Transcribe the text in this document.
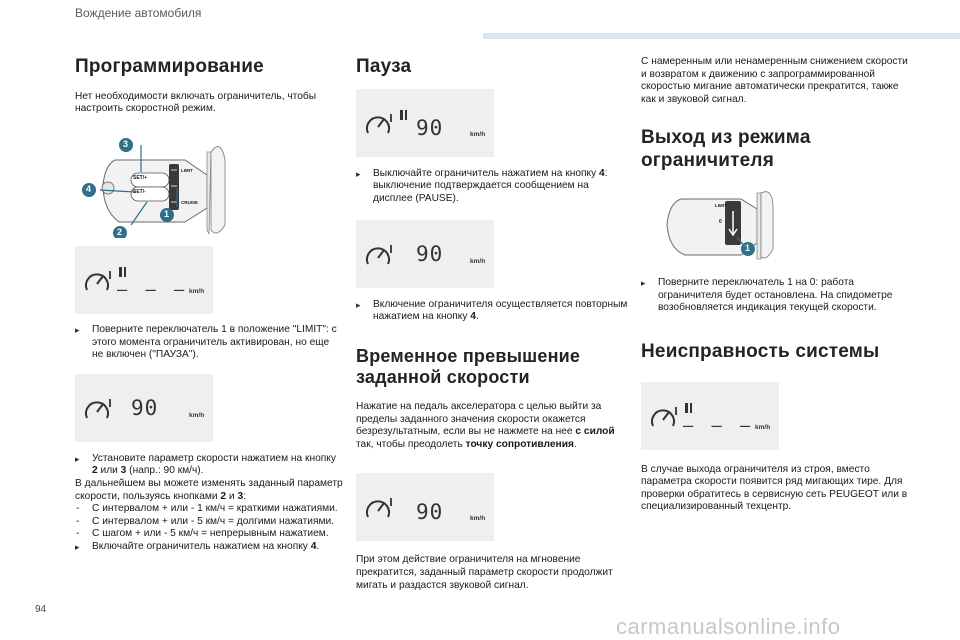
Вождение автомобиля
Программирование

Нет необходимости включать ограничитель, чтобы настроить скоростной режим.

SET/+
SET/-
LIMIT
CRUISE
3
4
1
2
– – – km/h
▸ Поверните переключатель 1 в положение "LIMIT": с этого момента ограничитель активирован, но еще не включен ("ПАУЗА").
90	km/h
▸ Установите параметр скорости нажатием на кнопку 2 или 3 (напр.: 90 км/ч).

В дальнейшем вы можете изменять заданный параметр скорости, пользуясь кнопками 2 и 3:

- С интервалом + или - 1 км/ч = краткими нажатиями.
- С интервалом + или - 5 км/ч = долгими нажатиями.
- С шагом + или - 5 км/ч = непрерывным нажатием.
▸ Включайте ограничитель нажатием на кнопку 4.
Пауза
90	km/h
▸ Выключайте ограничитель нажатием на кнопку 4: выключение подтверждается сообщением на дисплее (PAUSE).
90	km/h
▸ Включение ограничителя осуществляется повторным нажатием на кнопку 4.
Временное превышение заданной скорости

Нажатие на педаль акселератора с целью выйти за пределы заданного значения скорости окажется безрезультатным, если вы не нажмете на нее с силой так, чтобы преодолеть точку сопротивления.

90	km/h

При этом действие ограничителя на мгновение прекратится, заданный параметр скорости продолжит мигать и раздастся звуковой сигнал.

С намеренным или ненамеренным снижением скорости и возвратом к движению с запрограммированной скоростью мигание автоматически прекратится, также как и звуковой сигнал.

Выход из режима ограничителя
LIMIT
0
1
▸ Поверните переключатель 1 на 0: работа ограничителя будет остановлена. На спидометре возобновляется индикация текущей скорости.
Неисправность системы
– – – km/h

В случае выхода ограничителя из строя, вместо параметра скорости появится ряд мигающих тире. Для проверки обратитесь в сервисную сеть PEUGEOT или в специализированный техцентр.

94
carmanualsonline.info
